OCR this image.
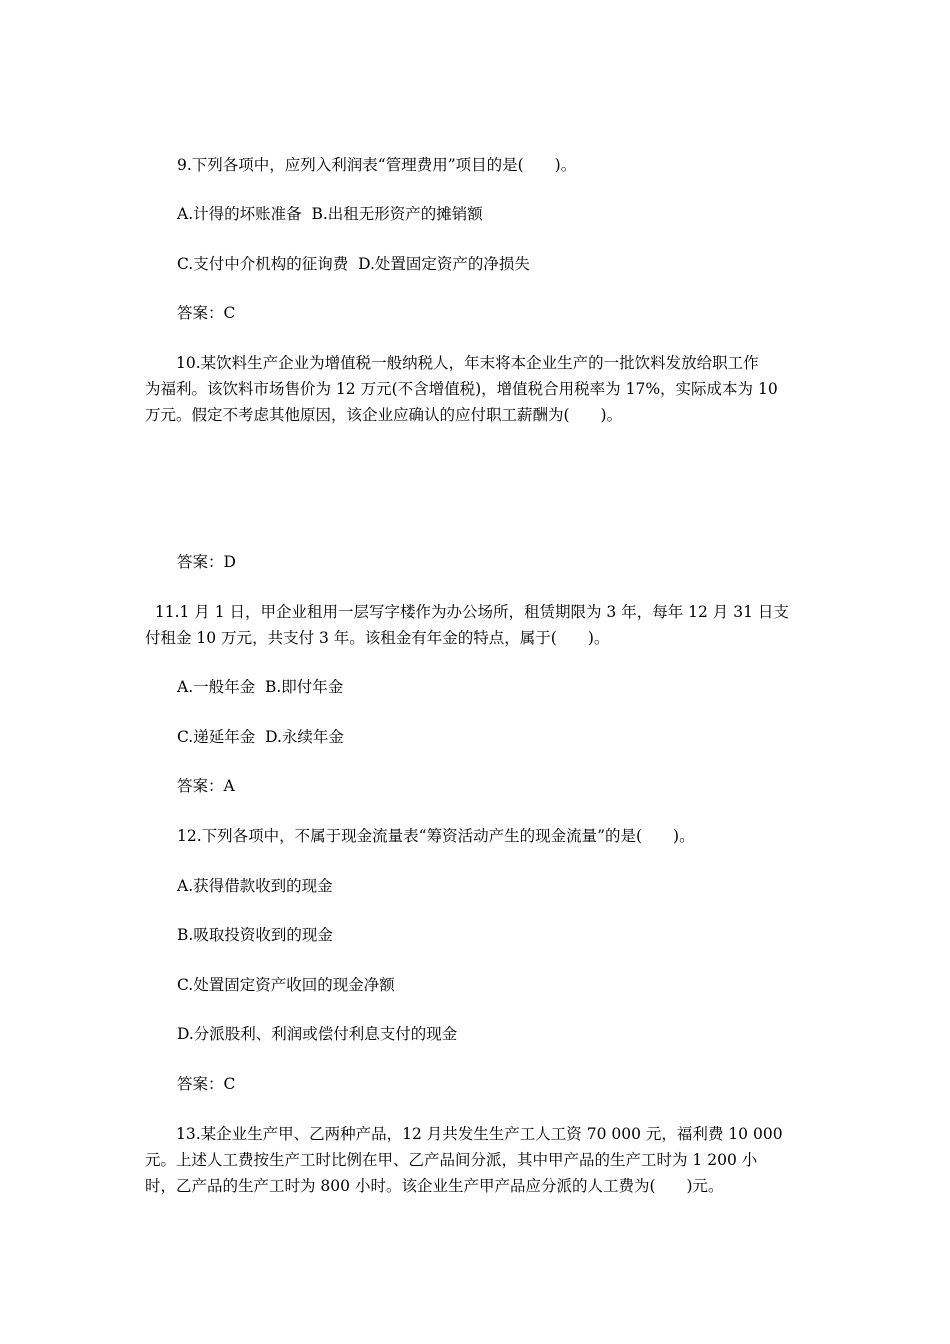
9.下列各项中，应列入利润表“管理费用”项目的是(　　)。
A.计得的坏账准备  B.出租无形资产的摊销额
C.支付中介机构的征询费  D.处置固定资产的净损失
答案：C
　　10.某饮料生产企业为增值税一般纳税人，年末将本企业生产的一批饮料发放给职工作
为福利。该饮料市场售价为 12 万元(不含增值税)，增值税合用税率为 17%，实际成本为 10
万元。假定不考虑其他原因，该企业应确认的应付职工薪酬为(　　)。
答案：D
11.1 月 1 日，甲企业租用一层写字楼作为办公场所，租赁期限为 3 年，每年 12 月 31 日支
付租金 10 万元，共支付 3 年。该租金有年金的特点，属于(　　)。
A.一般年金  B.即付年金
C.递延年金  D.永续年金
答案：A
12.下列各项中，不属于现金流量表“筹资活动产生的现金流量”的是(　　)。
A.获得借款收到的现金
B.吸取投资收到的现金
C.处置固定资产收回的现金净额
D.分派股利、利润或偿付利息支付的现金
答案：C
　　13.某企业生产甲、乙两种产品，12 月共发生生产工人工资 70 000 元，福利费 10 000
元。上述人工费按生产工时比例在甲、乙产品间分派，其中甲产品的生产工时为 1 200 小
时，乙产品的生产工时为 800 小时。该企业生产甲产品应分派的人工费为(　　)元。
